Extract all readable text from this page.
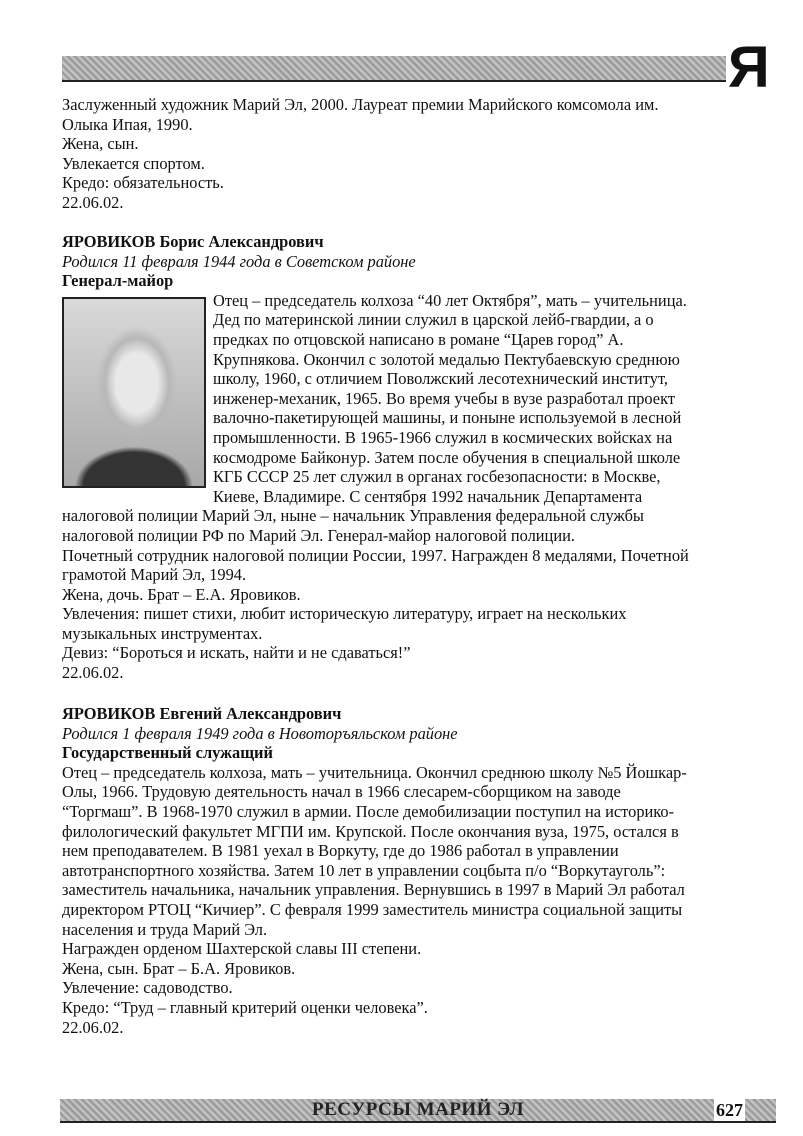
Я
Заслуженный художник Марий Эл, 2000. Лауреат премии Марийского комсомола им.
Олыка Ипая, 1990.
Жена, сын.
Увлекается спортом.
Кредо: обязательность.
22.06.02.
ЯРОВИКОВ Борис Александрович
Родился 11 февраля 1944 года в Советском районе
Генерал-майор
Отец – председатель колхоза “40 лет Октября”, мать – учительница.
Дед по материнской линии служил в царской лейб-гвардии, а о
предках по отцовской написано в романе “Царев город” А.
Крупнякова. Окончил с золотой медалью Пектубаевскую среднюю
школу, 1960, с отличием Поволжский лесотехнический институт,
инженер-механик, 1965. Во время учебы в вузе разработал проект
валочно-пакетирующей машины, и поныне используемой в лесной
промышленности. В 1965-1966 служил в космических войсках на
космодроме Байконур. Затем после обучения в специальной школе
КГБ СССР 25 лет служил в органах госбезопасности: в Москве,
Киеве, Владимире. С сентября 1992 начальник Департамента
налоговой полиции Марий Эл, ныне – начальник Управления федеральной службы
налоговой полиции РФ по Марий Эл. Генерал-майор налоговой полиции.
Почетный сотрудник налоговой полиции России, 1997. Награжден 8 медалями, Почетной
грамотой Марий Эл, 1994.
Жена, дочь. Брат – Е.А. Яровиков.
Увлечения: пишет стихи, любит историческую литературу, играет на нескольких
музыкальных инструментах.
Девиз: “Бороться и искать, найти и не сдаваться!”
22.06.02.
ЯРОВИКОВ Евгений Александрович
Родился 1 февраля 1949 года в Новоторъяльском районе
Государственный служащий
Отец – председатель колхоза, мать – учительница. Окончил среднюю школу №5 Йошкар-
Олы, 1966. Трудовую деятельность начал в 1966 слесарем-сборщиком на заводе
“Торгмаш”. В 1968-1970 служил в армии. После демобилизации поступил на историко-
филологический факультет МГПИ им. Крупской. После окончания вуза, 1975, остался в
нем преподавателем. В 1981 уехал в Воркуту, где до 1986 работал в управлении
автотранспортного хозяйства. Затем 10 лет в управлении соцбыта п/о “Воркутауголь”:
заместитель начальника, начальник управления. Вернувшись в 1997 в Марий Эл работал
директором РТОЦ “Кичиер”. С февраля 1999 заместитель министра социальной защиты
населения и труда Марий Эл.
Награжден орденом Шахтерской славы III степени.
Жена, сын. Брат – Б.А. Яровиков.
Увлечение: садоводство.
Кредо: “Труд – главный критерий оценки человека”.
22.06.02.
РЕСУРСЫ МАРИЙ ЭЛ	627
